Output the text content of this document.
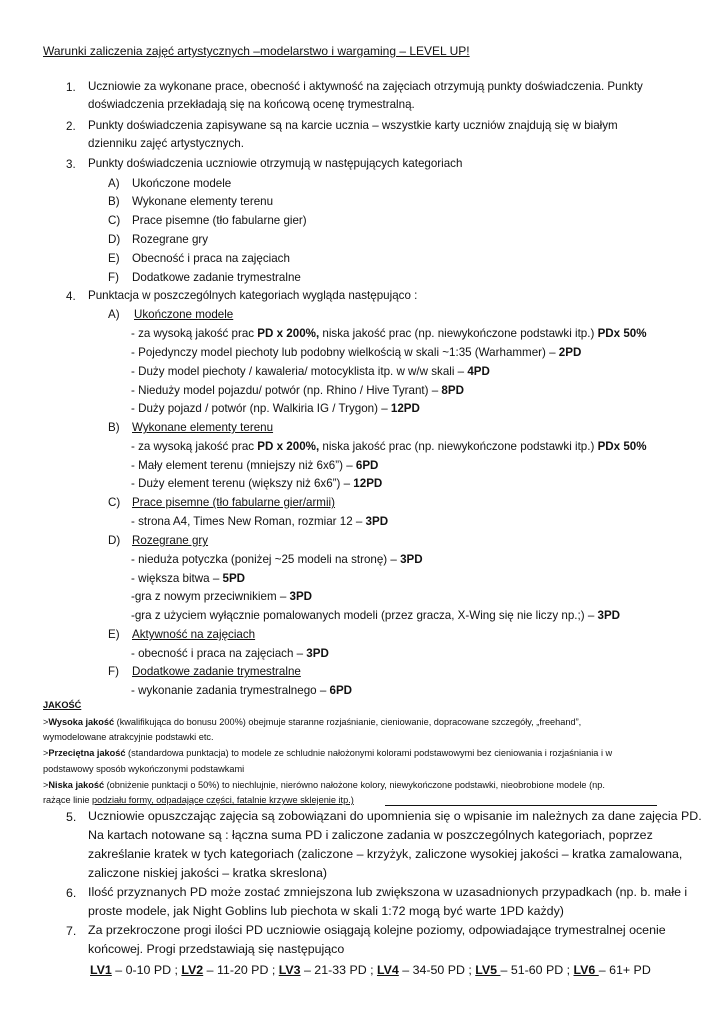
Warunki zaliczenia zajęć artystycznych –modelarstwo i wargaming – LEVEL UP!
1. Uczniowie za wykonane prace, obecność i aktywność na zajęciach otrzymują punkty doświadczenia. Punkty
doświadczenia przekładają się na końcową ocenę trymestralną.
2. Punkty doświadczenia zapisywane są na karcie ucznia – wszystkie karty uczniów znajdują się w białym
dzienniku zajęć artystycznych.
3. Punkty doświadczenia uczniowie otrzymują w następujących kategoriach
A) Ukończone modele
B) Wykonane elementy terenu
C) Prace pisemne (tło fabularne gier)
D) Rozegrane gry
E) Obecność i praca na zajęciach
F) Dodatkowe zadanie trymestralne
4. Punktacja w poszczególnych kategoriach wygląda następująco :
A) Ukończone modele
- za wysoką jakość prac PD x 200%, niska jakość prac (np. niewykończone podstawki itp.) PDx 50%
- Pojedynczy model piechoty lub podobny wielkością w skali ~1:35 (Warhammer) – 2PD
- Duży model piechoty / kawaleria/ motocyklista itp. w w/w skali – 4PD
- Nieduży model pojazdu/ potwór (np. Rhino / Hive Tyrant) – 8PD
- Duży pojazd / potwór (np. Walkiria IG / Trygon) – 12PD
B) Wykonane elementy terenu
- za wysoką jakość prac PD x 200%, niska jakość prac (np. niewykończone podstawki itp.) PDx 50%
- Mały element terenu (mniejszy niż 6x6”) – 6PD
- Duży element terenu (większy niż 6x6”) – 12PD
C) Prace pisemne (tło fabularne gier/armii)
- strona A4, Times New Roman, rozmiar 12 – 3PD
D) Rozegrane gry
- nieduża potyczka (poniżej ~25 modeli na stronę) – 3PD
- większa bitwa – 5PD
-gra z nowym przeciwnikiem – 3PD
-gra z użyciem wyłącznie pomalowanych modeli (przez gracza, X-Wing się nie liczy np.;) – 3PD
E) Aktywność na zajęciach
- obecność i praca na zajęciach – 3PD
F) Dodatkowe zadanie trymestralne
- wykonanie zadania trymestralnego – 6PD
JAKOŚĆ
>Wysoka jakość (kwalifikująca do bonusu 200%) obejmuje staranne rozjaśnianie, cieniowanie, dopracowane szczegóły, „freehand”,
wymodelowane atrakcyjnie podstawki etc.
>Przeciętna jakość (standardowa punktacja) to modele ze schludnie nałożonymi kolorami podstawowymi bez cieniowania i rozjaśniania i w
podstawowy sposób wykończonymi podstawkami
>Niska jakość (obniżenie punktacji o 50%) to niechlujnie, nierówno nałożone kolory, niewykończone podstawki, nieobrobione modele (np.
rażące linie podziału formy, odpadające części, fatalnie krzywe sklejenie itp.)
5. Uczniowie opuszczając zajęcia są zobowiązani do upomnienia się o wpisanie im należnych za dane zajęcia PD.
Na kartach notowane są : łączna suma PD i zaliczone zadania w poszczególnych kategoriach, poprzez
zakreślanie kratek w tych kategoriach (zaliczone – krzyżyk, zaliczone wysokiej jakości – kratka zamalowana,
zaliczone niskiej jakości – kratka skreslona)
6. Ilość przyznanych PD może zostać zmniejszona lub zwiększona w uzasadnionych przypadkach (np. b. małe i
proste modele, jak Night Goblins lub piechota w skali 1:72 mogą być warte 1PD każdy)
7. Za przekroczone progi ilości PD uczniowie osiągają kolejne poziomy, odpowiadające trymestralnej ocenie
końcowej. Progi przedstawiają się następująco
LV1 – 0-10 PD ; LV2 – 11-20 PD ; LV3 – 21-33 PD ; LV4 – 34-50 PD ; LV5 – 51-60 PD ; LV6 – 61+ PD
